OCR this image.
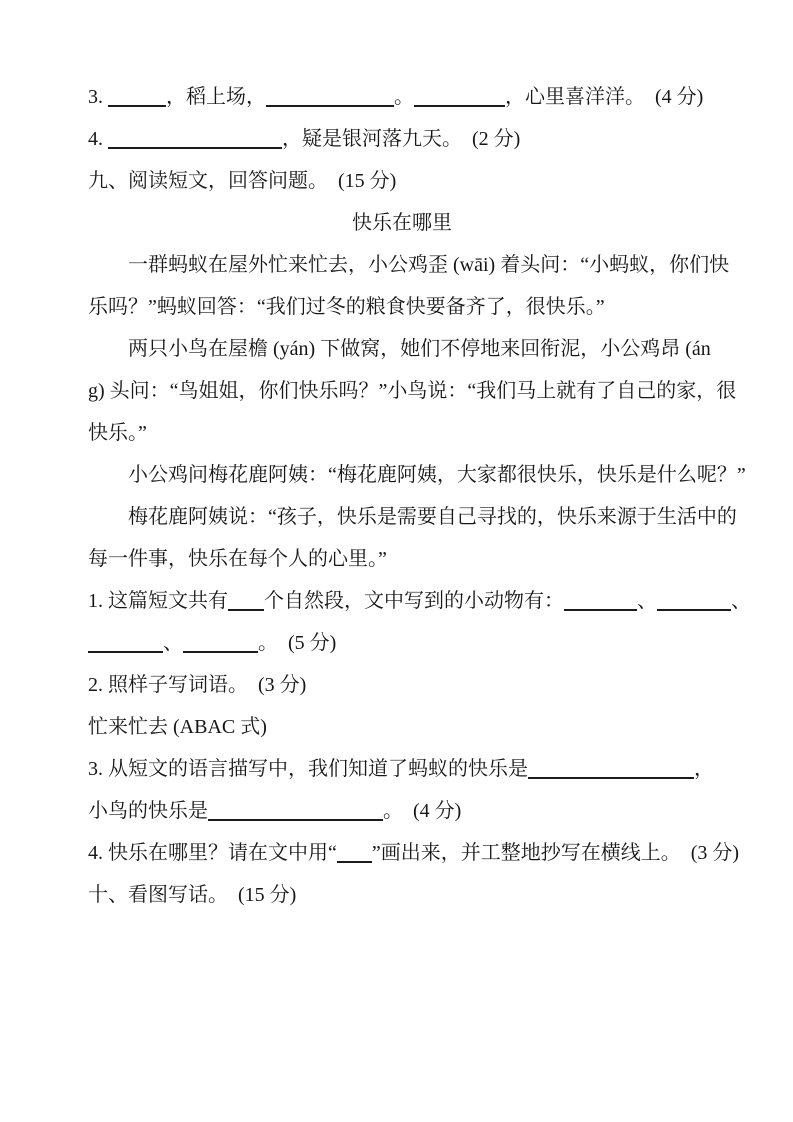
3.	，稻上场，	。	，心里喜洋洋。　(4 分)
4.	，疑是银河落九天。　(2 分)
九、阅读短文，回答问题。　(15 分)
快乐在哪里
一群蚂蚁在屋外忙来忙去，小公鸡歪 (wāi) 着头问：“小蚂蚁，你们快
乐吗？”蚂蚁回答：“我们过冬的粮食快要备齐了，很快乐。”
两只小鸟在屋檐 (yán) 下做窝，她们不停地来回衔泥，小公鸡昂 (án
g) 头问：“鸟姐姐，你们快乐吗？”小鸟说：“我们马上就有了自己的家，很
快乐。”
小公鸡问梅花鹿阿姨：“梅花鹿阿姨，大家都很快乐，快乐是什么呢？”
梅花鹿阿姨说：“孩子，快乐是需要自己寻找的，快乐来源于生活中的
每一件事，快乐在每个人的心里。”
1. 这篇短文共有 个自然段，文中写到的小动物有：	、	、
、	。　(5 分)
2. 照样子写词语。　(3 分)
忙来忙去 (ABAC 式)
3. 从短文的语言描写中，我们知道了蚂蚁的快乐是	，
小鸟的快乐是	。　(4 分)
4. 快乐在哪里？请在文中用“ ”画出来，并工整地抄写在横线上。　(3 分)
十、看图写话。　(15 分)
